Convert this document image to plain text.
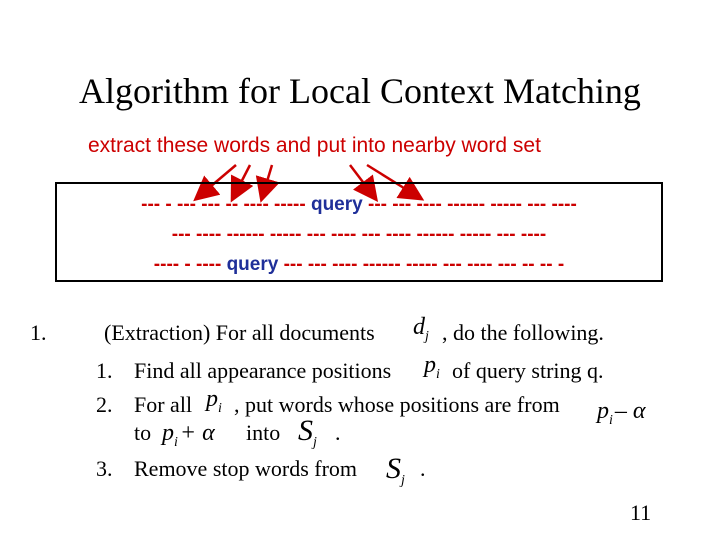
Algorithm for Local Context Matching
extract these words and put into nearby word set
--- - --- --- -- ---- ----- query --- --- ---- ------ ----- --- ----
--- ---- ------ ----- --- ---- --- ---- ------ ----- --- ----
---- - ---- query --- --- ---- ------ ----- --- ---- --- -- -- -
1.	(Extraction) For all documents $d_j$ , do the following.
1. Find all appearance positions $p_i$ of query string q.
2. For all $p_i$ , put words whose positions are from $p_i$ – α
to $p_i$ + α into $S_j$ .
3. Remove stop words from $S_j$ .
11
